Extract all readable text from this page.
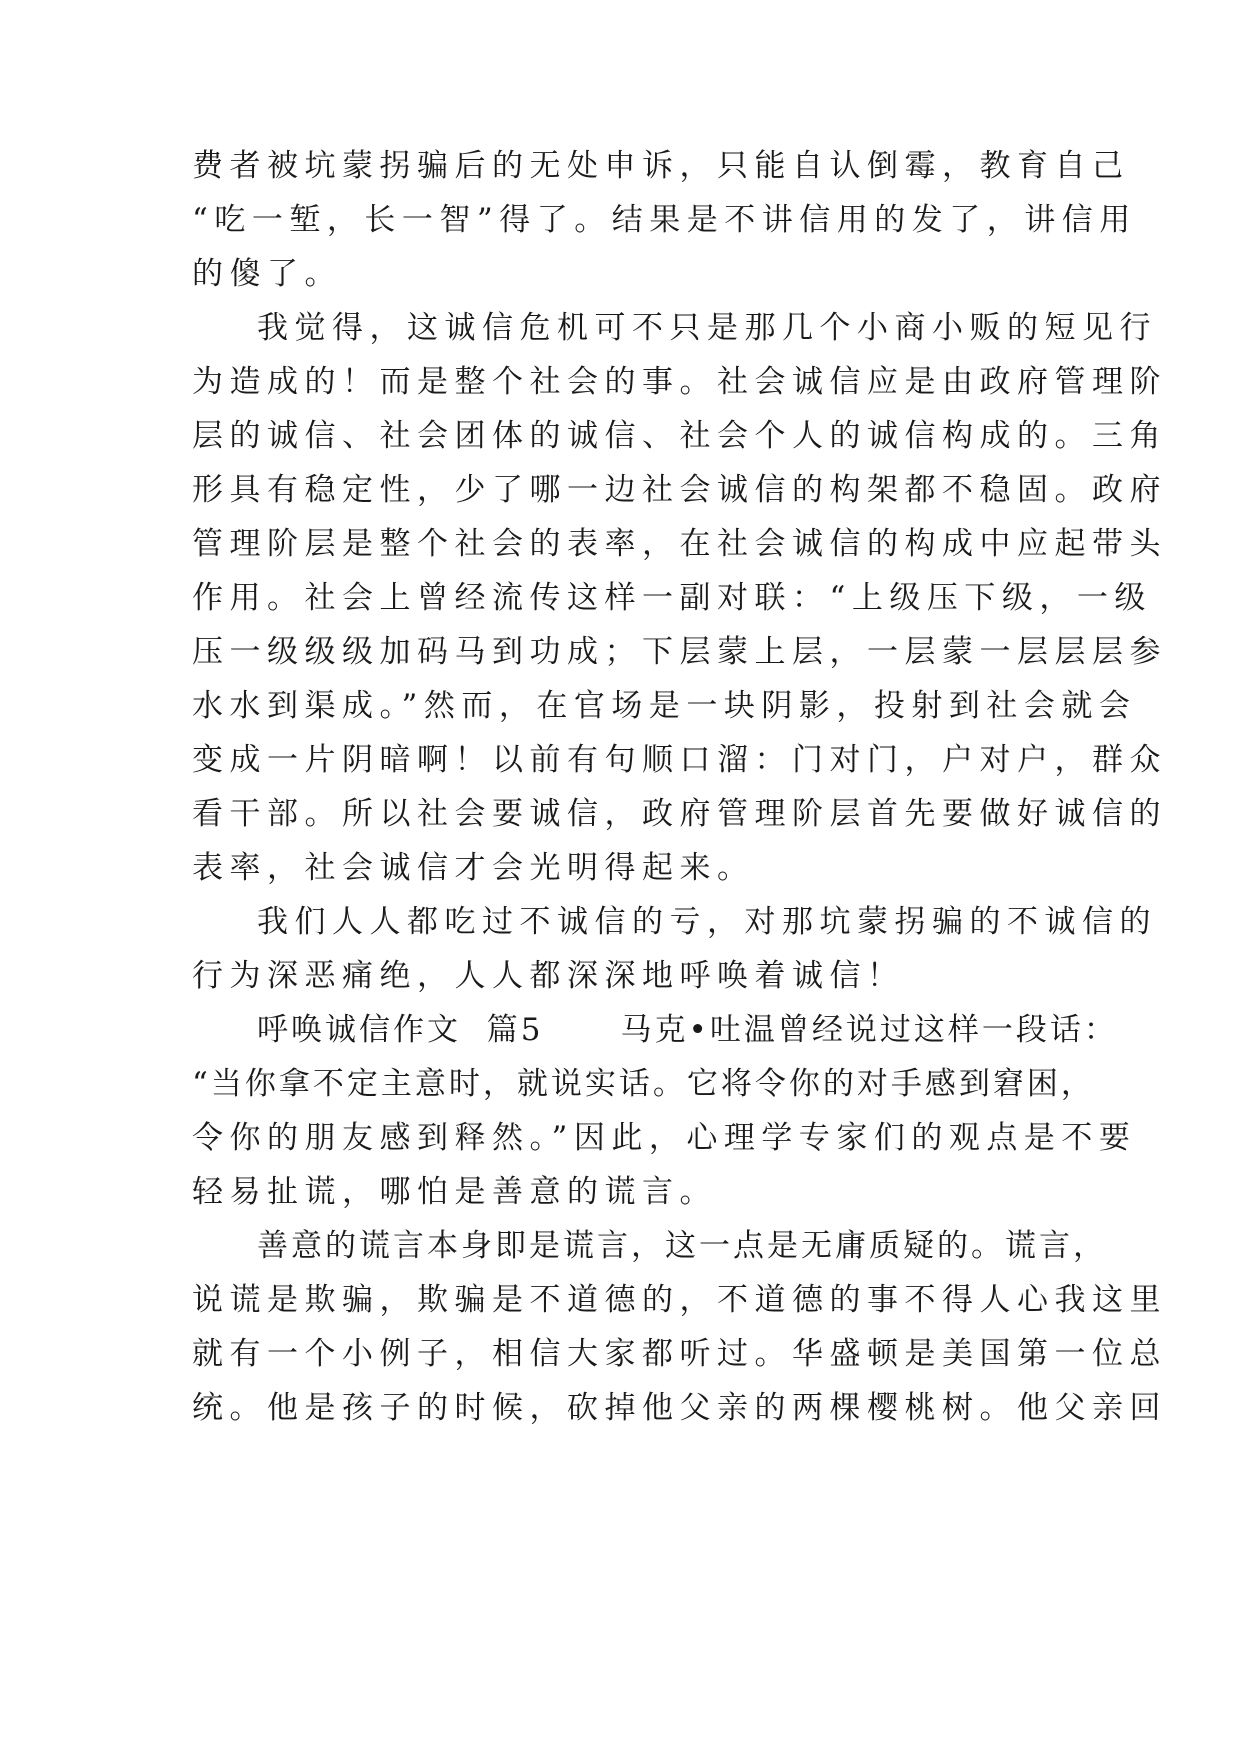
费者被坑蒙拐骗后的无处申诉，只能自认倒霉，教育自己
“吃一堑，长一智”得了。结果是不讲信用的发了，讲信用
的傻了。
我觉得，这诚信危机可不只是那几个小商小贩的短见行
为造成的！而是整个社会的事。社会诚信应是由政府管理阶
层的诚信、社会团体的诚信、社会个人的诚信构成的。三角
形具有稳定性，少了哪一边社会诚信的构架都不稳固。政府
管理阶层是整个社会的表率，在社会诚信的构成中应起带头
作用。社会上曾经流传这样一副对联：“上级压下级，一级
压一级级级加码马到功成；下层蒙上层，一层蒙一层层层参
水水到渠成。”然而，在官场是一块阴影，投射到社会就会
变成一片阴暗啊！以前有句顺口溜：门对门，户对户，群众
看干部。所以社会要诚信，政府管理阶层首先要做好诚信的
表率，社会诚信才会光明得起来。
我们人人都吃过不诚信的亏，对那坑蒙拐骗的不诚信的
行为深恶痛绝，人人都深深地呼唤着诚信！
呼唤诚信作文  篇5      马克•吐温曾经说过这样一段话：
“当你拿不定主意时，就说实话。它将令你的对手感到窘困，
令你的朋友感到释然。”因此，心理学专家们的观点是不要
轻易扯谎，哪怕是善意的谎言。
善意的谎言本身即是谎言，这一点是无庸质疑的。谎言，
说谎是欺骗，欺骗是不道德的，不道德的事不得人心我这里
就有一个小例子，相信大家都听过。华盛顿是美国第一位总
统。他是孩子的时候，砍掉他父亲的两棵樱桃树。他父亲回
